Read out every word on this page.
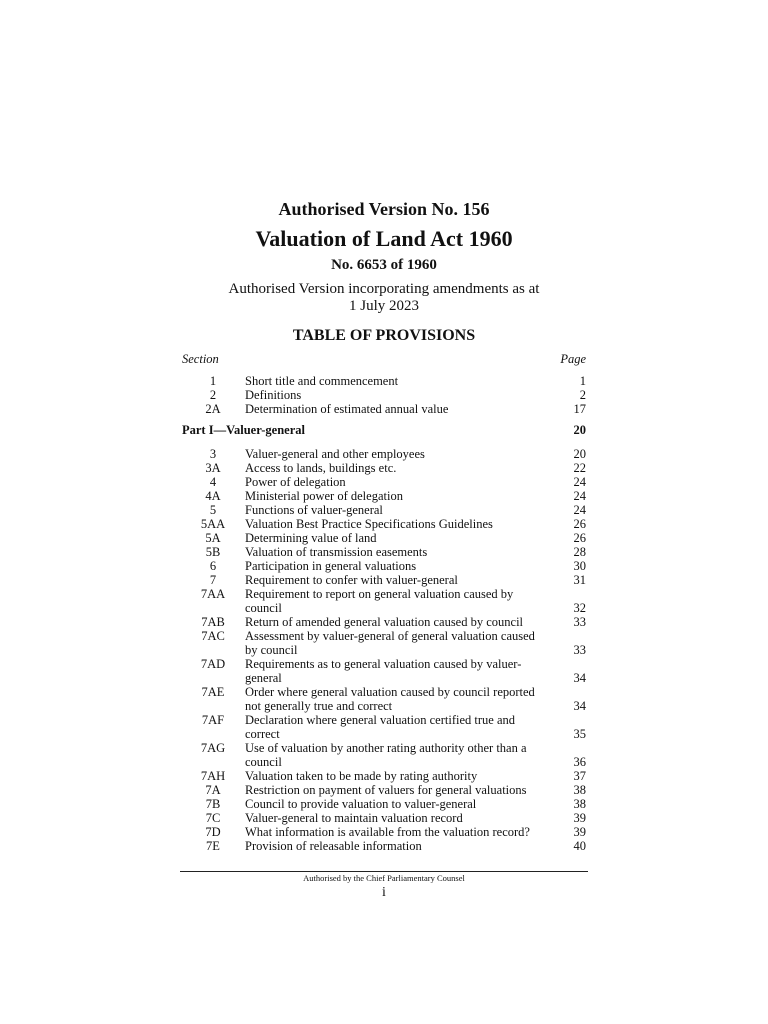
Authorised Version No. 156
Valuation of Land Act 1960
No. 6653 of 1960
Authorised Version incorporating amendments as at
1 July 2023
TABLE OF PROVISIONS
Section	Page
1	Short title and commencement	1
2	Definitions	2
2A	Determination of estimated annual value	17
Part I—Valuer-general	20
3	Valuer-general and other employees	20
3A	Access to lands, buildings etc.	22
4	Power of delegation	24
4A	Ministerial power of delegation	24
5	Functions of valuer-general	24
5AA	Valuation Best Practice Specifications Guidelines	26
5A	Determining value of land	26
5B	Valuation of transmission easements	28
6	Participation in general valuations	30
7	Requirement to confer with valuer-general	31
7AA	Requirement to report on general valuation caused by council	32
7AB	Return of amended general valuation caused by council	33
7AC	Assessment by valuer-general of general valuation caused by council	33
7AD	Requirements as to general valuation caused by valuer-general	34
7AE	Order where general valuation caused by council reported not generally true and correct	34
7AF	Declaration where general valuation certified true and correct	35
7AG	Use of valuation by another rating authority other than a council	36
7AH	Valuation taken to be made by rating authority	37
7A	Restriction on payment of valuers for general valuations	38
7B	Council to provide valuation to valuer-general	38
7C	Valuer-general to maintain valuation record	39
7D	What information is available from the valuation record?	39
7E	Provision of releasable information	40
Authorised by the Chief Parliamentary Counsel
i
